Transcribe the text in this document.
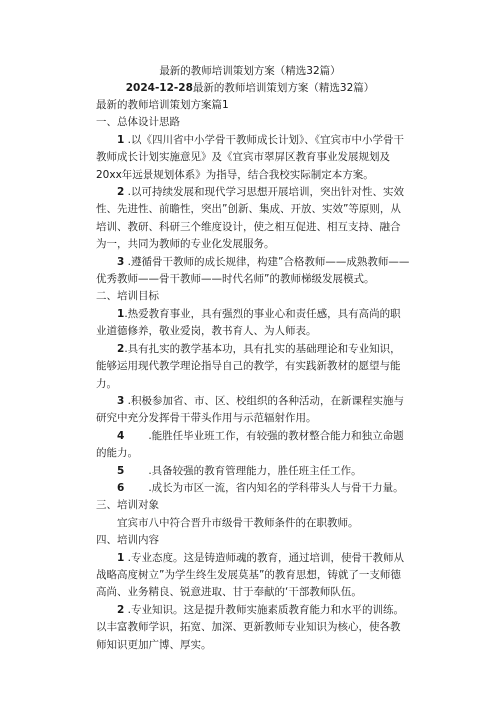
最新的教师培训策划方案（精选32篇）
2024-12-28最新的教师培训策划方案（精选32篇）

最新的教师培训策划方案篇1

一、总体设计思路

1 .以《四川省中小学骨干教师成长计划》、《宜宾市中小学骨干教师成长计划实施意见》及《宜宾市翠屏区教育事业发展规划及20xx年远景规划体系》为指导，结合我校实际制定本方案。

2 .以可持续发展和现代学习思想开展培训，突出针对性、实效性、先进性、前瞻性，突出”创新、集成、开放、实效”等原则，从培训、教研、科研三个维度设计，使之相互促进、相互支持、融合为一，共同为教师的专业化发展服务。

3 .遵循骨干教师的成长规律，构建”合格教师——成熟教师——优秀教师——骨干教师——时代名师”的教师梯级发展模式。

二、培训目标

1.热爱教育事业，具有强烈的事业心和责任感，具有高尚的职业道德修养，敬业爱岗，教书育人、为人师表。

2.具有扎实的教学基本功，具有扎实的基础理论和专业知识，能够运用现代教学理论指导自己的教学，有实践新教材的愿望与能力。

3 .积极参加省、市、区、校组织的各种活动，在新课程实施与研究中充分发挥骨干带头作用与示范辐射作用。

4 .能胜任毕业班工作，有较强的教材整合能力和独立命题的能力。

5 .具备较强的教育管理能力，胜任班主任工作。

6 .成长为市区一流，省内知名的学科带头人与骨干力量。

三、培训对象

宜宾市八中符合晋升市级骨干教师条件的在职教师。

四、培训内容

1 .专业态度。这是铸造师魂的教育，通过培训，使骨干教师从战略高度树立”为学生终生发展莫基”的教育思想，铸就了一支师德高尚、业务精良、锐意进取、甘于奉献的‘干部教师队伍。

2 .专业知识。这是提升教师实施素质教育能力和水平的训练。以丰富教师学识，拓宽、加深、更新教师专业知识为核心，使各教师知识更加广博、厚实。
